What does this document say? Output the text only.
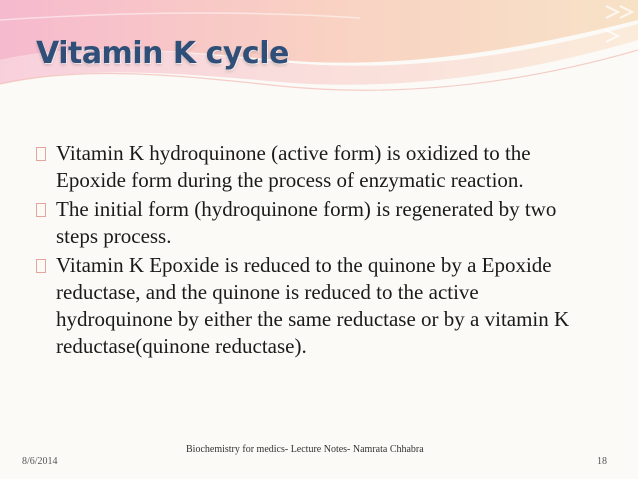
Vitamin K cycle
Vitamin K hydroquinone (active form) is oxidized to the Epoxide form during the process of enzymatic reaction.
The initial form (hydroquinone form) is regenerated by two steps process.
Vitamin K Epoxide is reduced to the quinone by a Epoxide reductase, and the quinone is reduced to the active hydroquinone by either the same reductase or by a vitamin K reductase(quinone reductase).
8/6/2014
Biochemistry for medics- Lecture Notes- Namrata Chhabra
18
